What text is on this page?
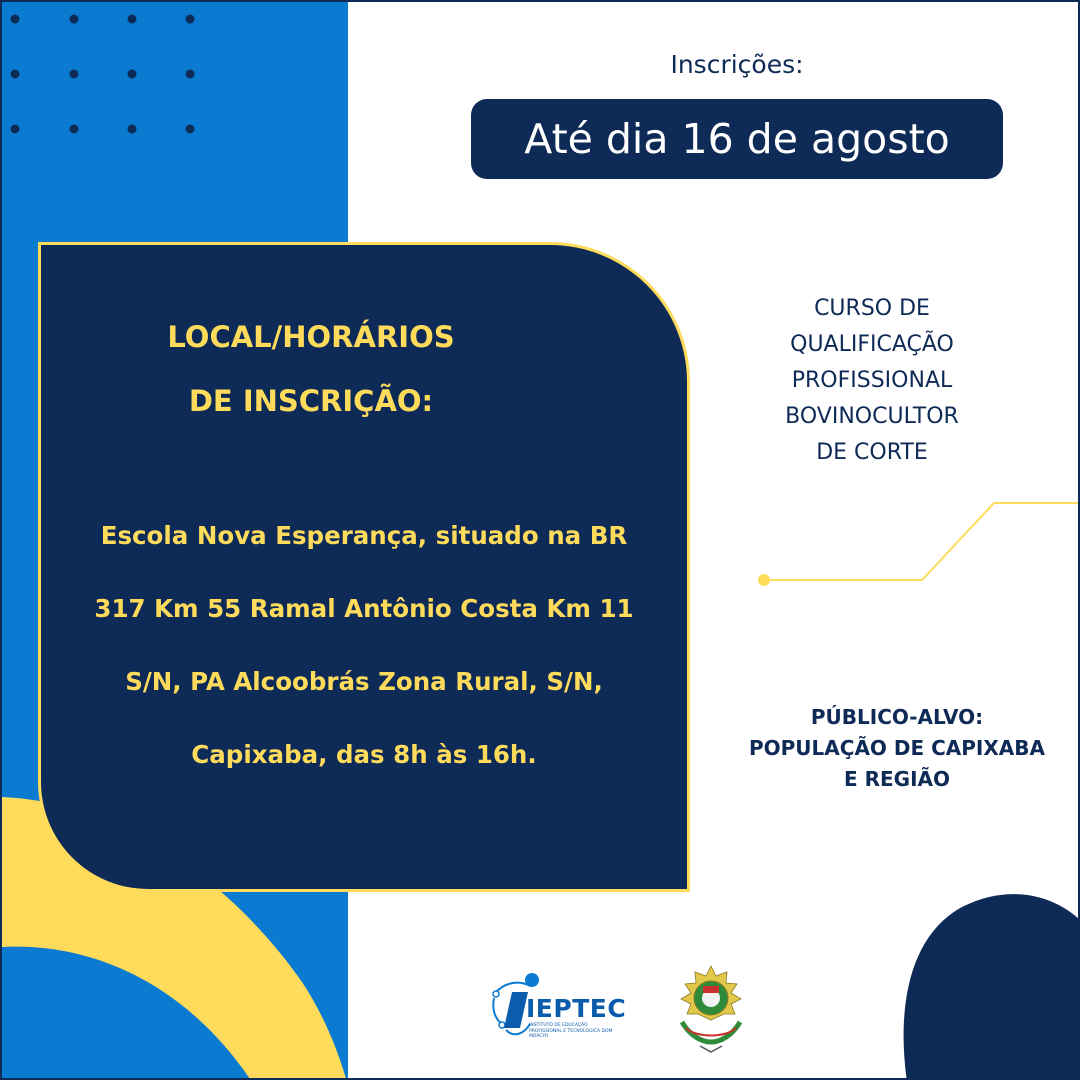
Inscrições:
Até dia 16 de agosto
LOCAL/HORÁRIOS
DE INSCRIÇÃO:
Escola Nova Esperança, situado na BR
317 Km 55 Ramal Antônio Costa Km 11
S/N, PA Alcoobrás Zona Rural, S/N,
Capixaba, das 8h às 16h.
CURSO DE
QUALIFICAÇÃO
PROFISSIONAL
BOVINOCULTOR
DE CORTE
PÚBLICO-ALVO:
POPULAÇÃO DE CAPIXABA
E REGIÃO
IEPTEC
INSTITUTO DE EDUCAÇÃO PROFISSIONAL E TECNOLÓGICA DOM MOACYR
